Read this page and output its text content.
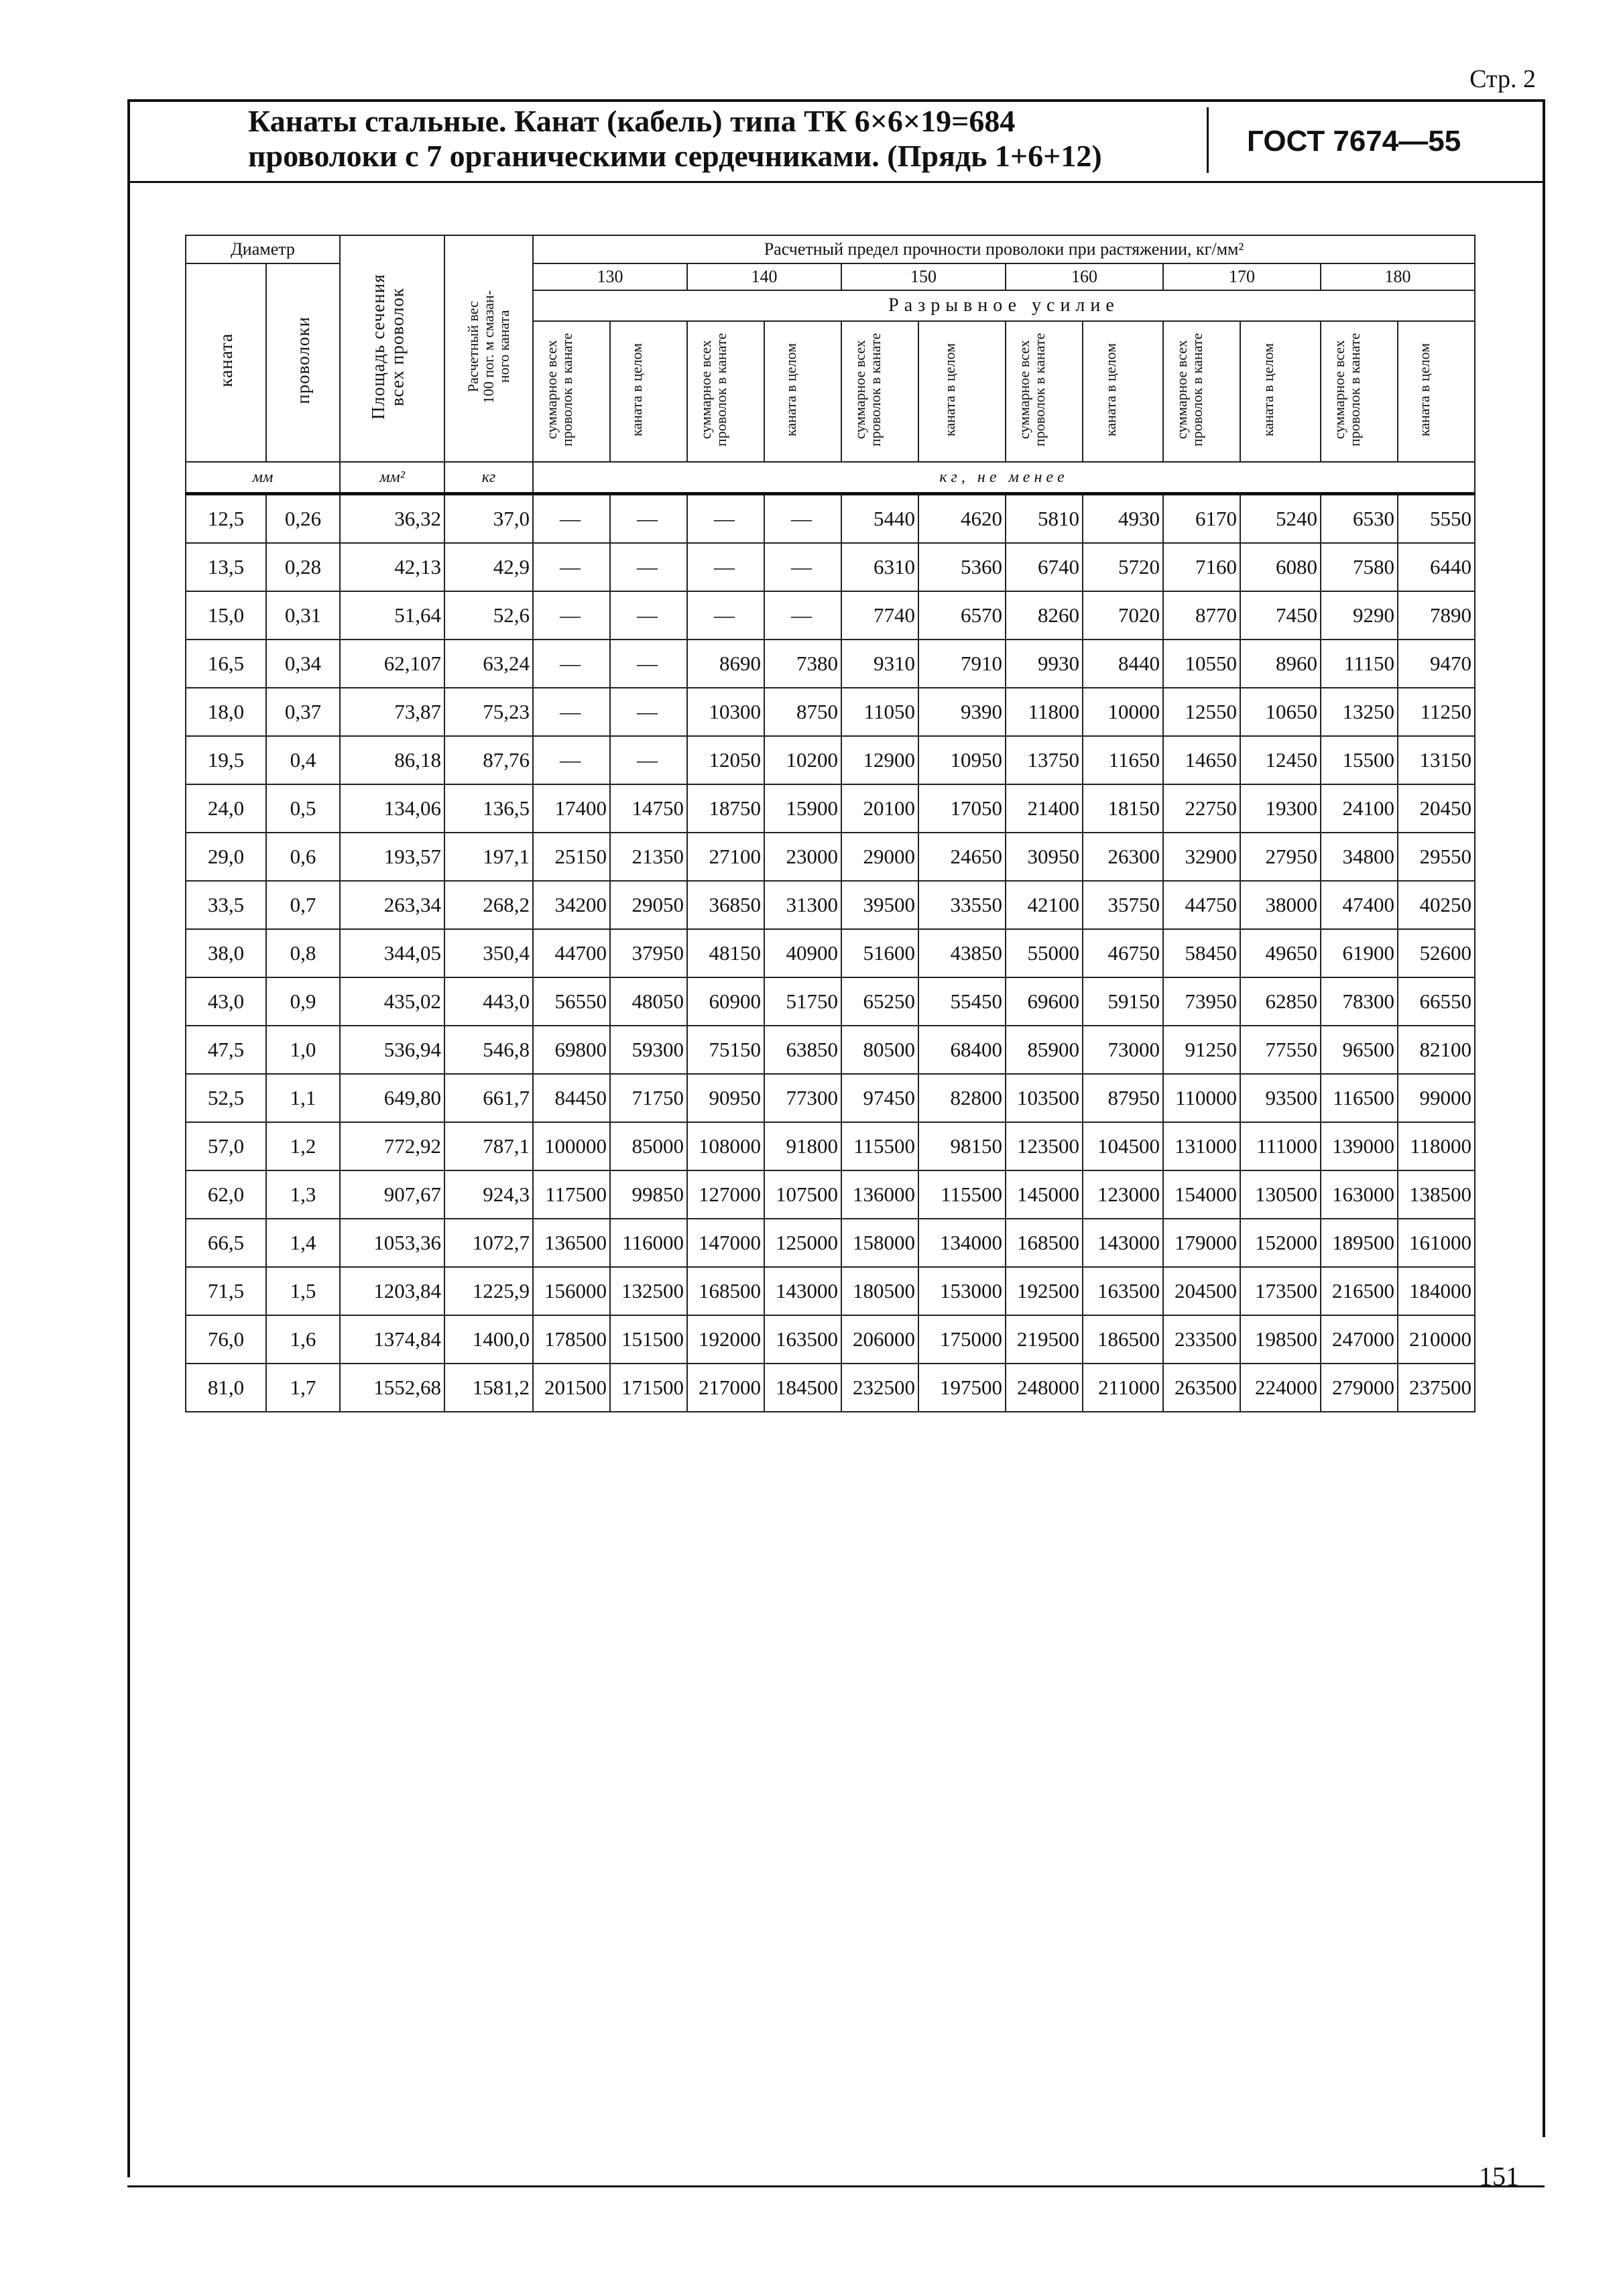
Стр. 2
Канаты стальные. Канат (кабель) типа ТК 6×6×19=684
проволоки с 7 органическими сердечниками. (Прядь 1+6+12)	ГОСТ 7674—55
Диаметр		Площадь сечения всех проволок	Расчетный вес
100 пог. м смазан-
ного каната	Расчетный предел прочности проволоки при растяжении, кг/мм²											
каната	проволоки			130		140		150		160		170		180	
				Разрывное усилие											
				суммарное всех проволок в канате	каната в целом	суммарное всех проволок в канате	каната в целом	суммарное всех проволок в канате	каната в целом	суммарное всех проволок в канате	каната в целом	суммарное всех проволок в канате	каната в целом	суммарное всех проволок в канате	каната в целом
мм		мм²	кг	кг, не менее											
12,5	0,26	36,32	37,0	—	—	—	—	5440	4620	5810	4930	6170	5240	6530	5550
13,5	0,28	42,13	42,9	—	—	—	—	6310	5360	6740	5720	7160	6080	7580	6440
15,0	0,31	51,64	52,6	—	—	—	—	7740	6570	8260	7020	8770	7450	9290	7890
16,5	0,34	62,107	63,24	—	—	8690	7380	9310	7910	9930	8440	10550	8960	11150	9470
18,0	0,37	73,87	75,23	—	—	10300	8750	11050	9390	11800	10000	12550	10650	13250	11250
19,5	0,4	86,18	87,76	—	—	12050	10200	12900	10950	13750	11650	14650	12450	15500	13150
24,0	0,5	134,06	136,5	17400	14750	18750	15900	20100	17050	21400	18150	22750	19300	24100	20450
29,0	0,6	193,57	197,1	25150	21350	27100	23000	29000	24650	30950	26300	32900	27950	34800	29550
33,5	0,7	263,34	268,2	34200	29050	36850	31300	39500	33550	42100	35750	44750	38000	47400	40250
38,0	0,8	344,05	350,4	44700	37950	48150	40900	51600	43850	55000	46750	58450	49650	61900	52600
43,0	0,9	435,02	443,0	56550	48050	60900	51750	65250	55450	69600	59150	73950	62850	78300	66550
47,5	1,0	536,94	546,8	69800	59300	75150	63850	80500	68400	85900	73000	91250	77550	96500	82100
52,5	1,1	649,80	661,7	84450	71750	90950	77300	97450	82800	103500	87950	110000	93500	116500	99000
57,0	1,2	772,92	787,1	100000	85000	108000	91800	115500	98150	123500	104500	131000	111000	139000	118000
62,0	1,3	907,67	924,3	117500	99850	127000	107500	136000	115500	145000	123000	154000	130500	163000	138500
66,5	1,4	1053,36	1072,7	136500	116000	147000	125000	158000	134000	168500	143000	179000	152000	189500	161000
71,5	1,5	1203,84	1225,9	156000	132500	168500	143000	180500	153000	192500	163500	204500	173500	216500	184000
76,0	1,6	1374,84	1400,0	178500	151500	192000	163500	206000	175000	219500	186500	233500	198500	247000	210000
81,0	1,7	1552,68	1581,2	201500	171500	217000	184500	232500	197500	248000	211000	263500	224000	279000	237500
151
